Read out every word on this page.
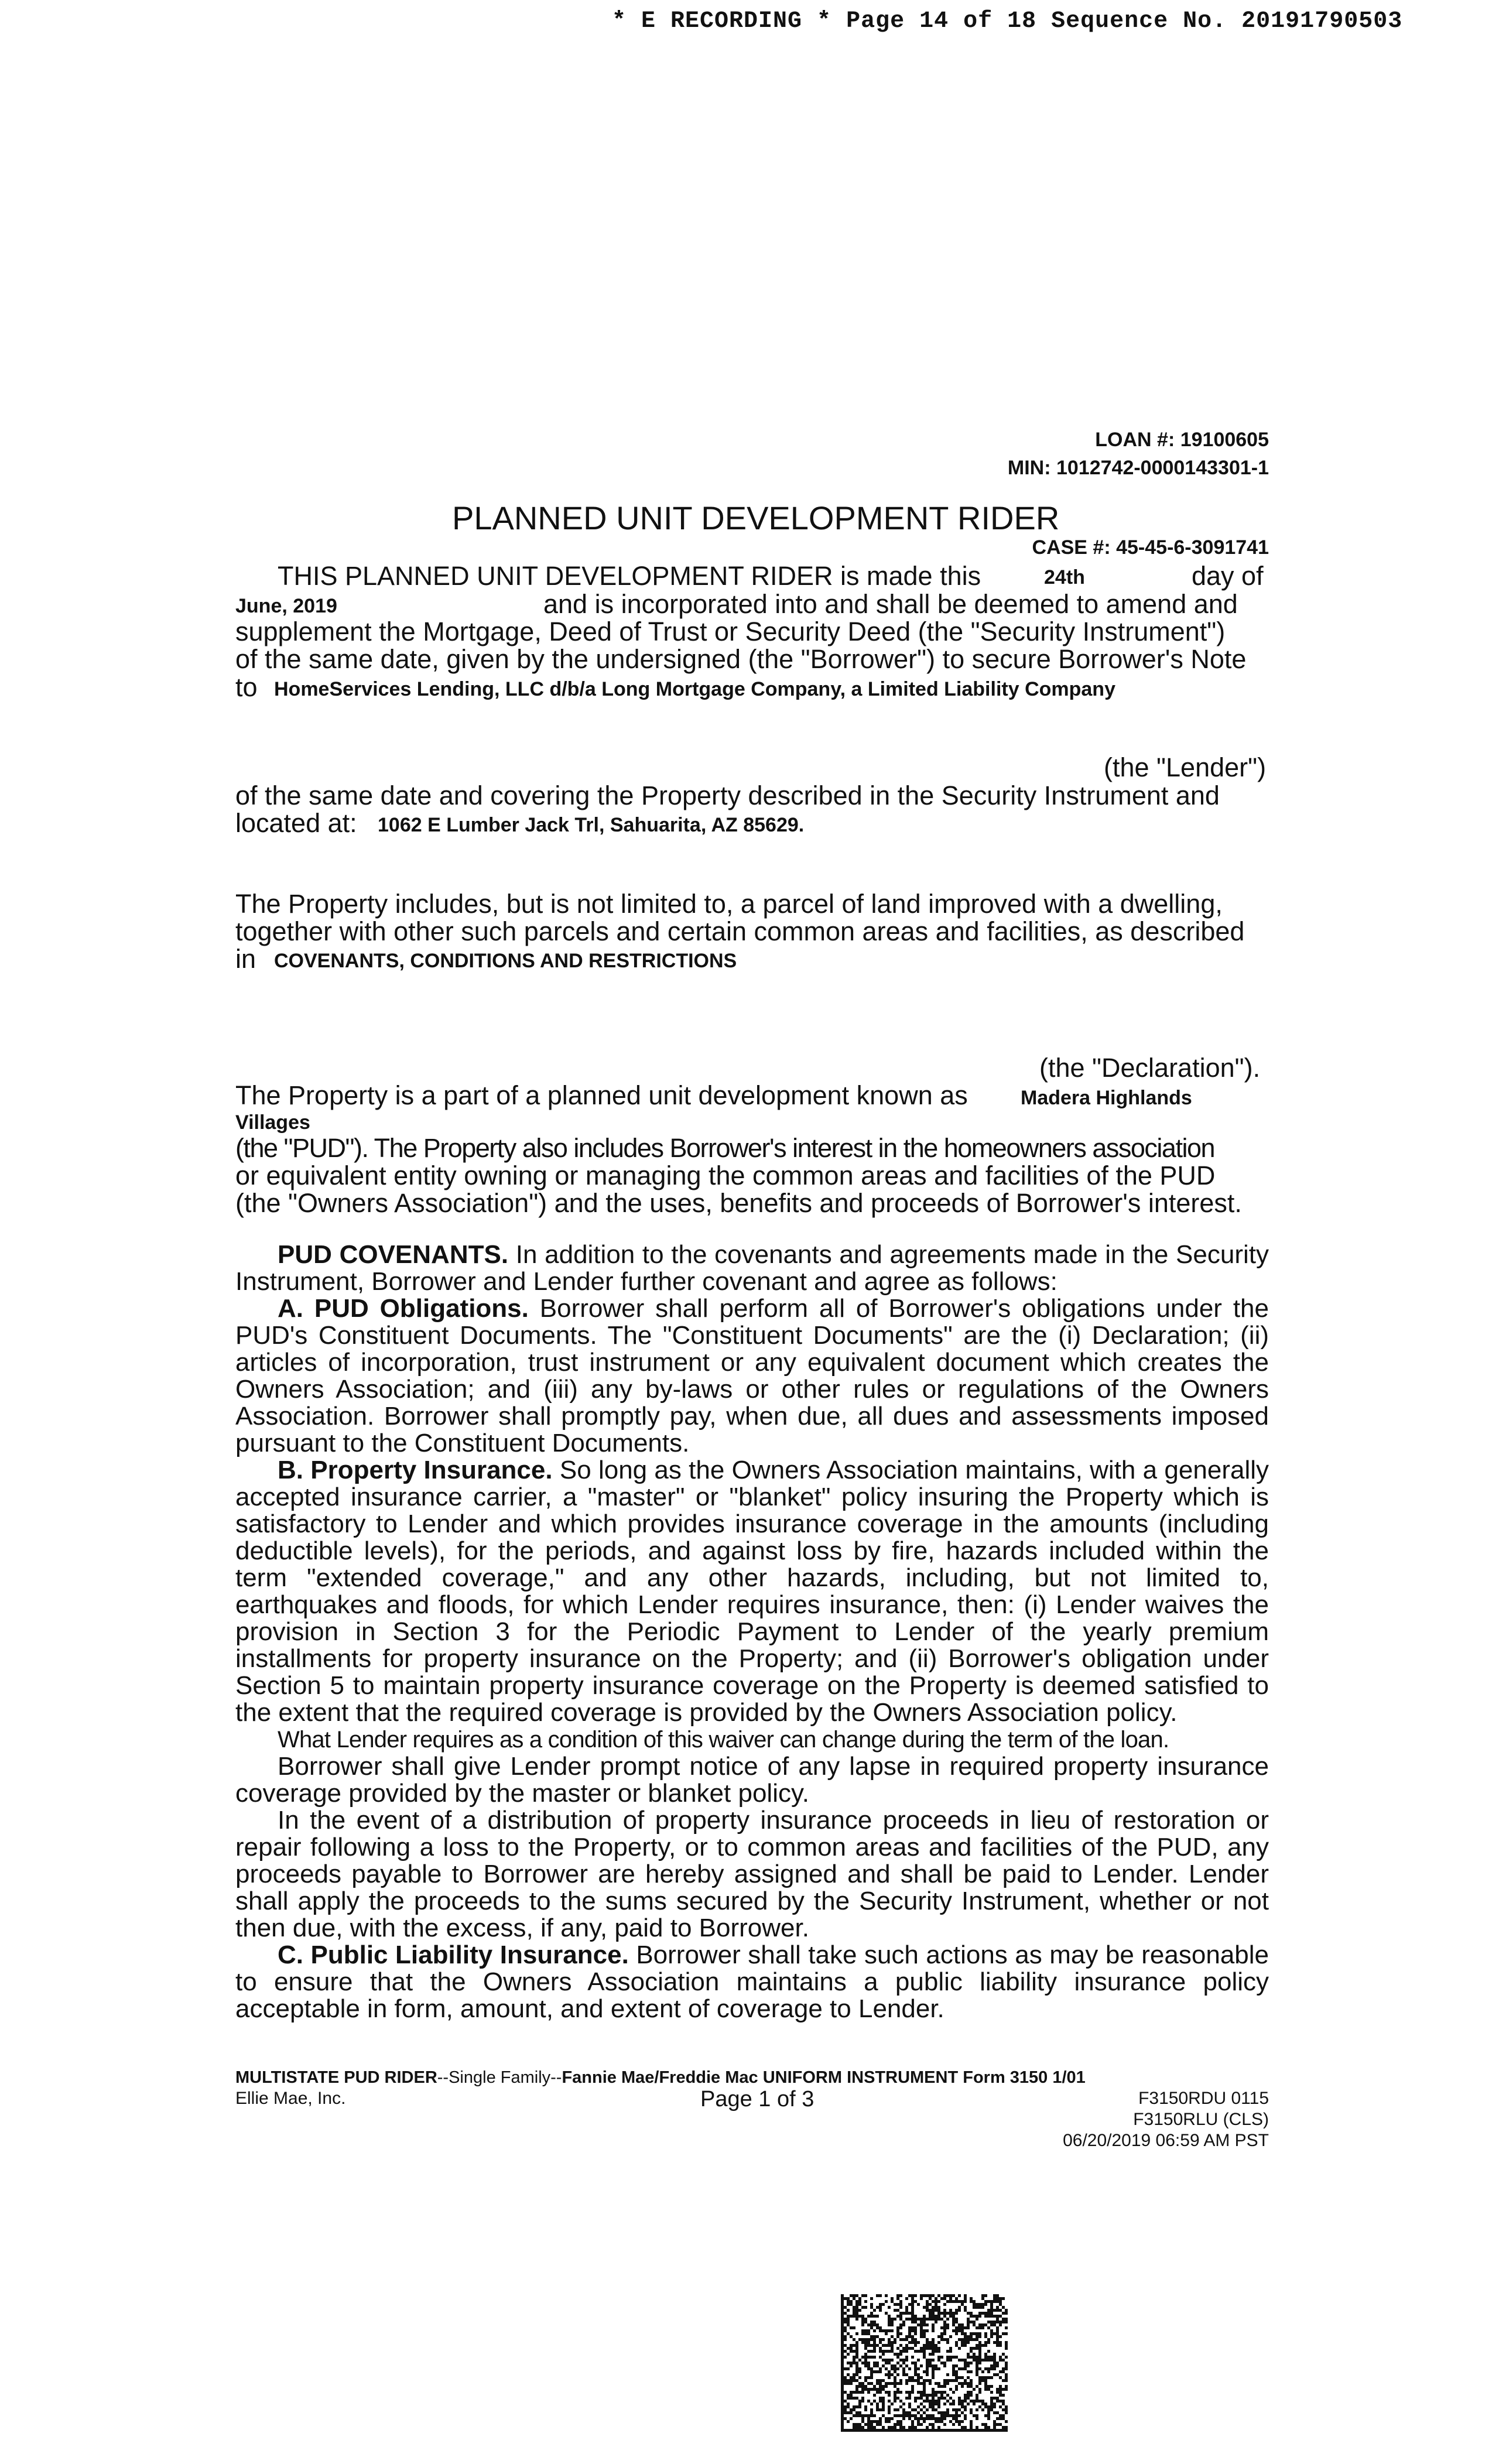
* E RECORDING * Page 14 of 18 Sequence No. 20191790503
LOAN #: 19100605
MIN: 1012742-0000143301-1
PLANNED UNIT DEVELOPMENT RIDER
CASE #: 45-45-6-3091741
THIS PLANNED UNIT DEVELOPMENT RIDER is made this	24th	day of
June, 2019	and is incorporated into and shall be deemed to amend and
supplement the Mortgage, Deed of Trust or Security Deed (the "Security Instrument")
of the same date, given by the undersigned (the "Borrower") to secure Borrower's Note
to HomeServices Lending, LLC d/b/a Long Mortgage Company, a Limited Liability Company
(the "Lender")
of the same date and covering the Property described in the Security Instrument and
located at: 1062 E Lumber Jack Trl, Sahuarita, AZ 85629.
The Property includes, but is not limited to, a parcel of land improved with a dwelling,
together with other such parcels and certain common areas and facilities, as described
in COVENANTS, CONDITIONS AND RESTRICTIONS
(the "Declaration").
The Property is a part of a planned unit development known as	Madera Highlands
Villages
(the "PUD"). The Property also includes Borrower's interest in the homeowners association
or equivalent entity owning or managing the common areas and facilities of the PUD
(the "Owners Association") and the uses, benefits and proceeds of Borrower's interest.

PUD COVENANTS. In addition to the covenants and agreements made in the Security Instrument, Borrower and Lender further covenant and agree as follows:

A. PUD Obligations. Borrower shall perform all of Borrower's obligations under the PUD's Constituent Documents. The "Constituent Documents" are the (i) Declaration; (ii) articles of incorporation, trust instrument or any equivalent document which creates the Owners Association; and (iii) any by-laws or other rules or regulations of the Owners Association. Borrower shall promptly pay, when due, all dues and assessments imposed pursuant to the Constituent Documents.

B. Property Insurance. So long as the Owners Association maintains, with a generally accepted insurance carrier, a "master" or "blanket" policy insuring the Property which is satisfactory to Lender and which provides insurance coverage in the amounts (including deductible levels), for the periods, and against loss by fire, hazards included within the term "extended coverage," and any other hazards, including, but not limited to, earthquakes and floods, for which Lender requires insurance, then: (i) Lender waives the provision in Section 3 for the Periodic Payment to Lender of the yearly premium installments for property insurance on the Property; and (ii) Borrower's obligation under Section 5 to maintain property insurance coverage on the Property is deemed satisfied to the extent that the required coverage is provided by the Owners Association policy.

What Lender requires as a condition of this waiver can change during the term of the loan.

Borrower shall give Lender prompt notice of any lapse in required property insurance coverage provided by the master or blanket policy.

In the event of a distribution of property insurance proceeds in lieu of restoration or repair following a loss to the Property, or to common areas and facilities of the PUD, any proceeds payable to Borrower are hereby assigned and shall be paid to Lender. Lender shall apply the proceeds to the sums secured by the Security Instrument, whether or not then due, with the excess, if any, paid to Borrower.

C. Public Liability Insurance. Borrower shall take such actions as may be reasonable to ensure that the Owners Association maintains a public liability insurance policy acceptable in form, amount, and extent of coverage to Lender.

MULTISTATE PUD RIDER--Single Family--Fannie Mae/Freddie Mac UNIFORM INSTRUMENT Form 3150 1/01
Ellie Mae, Inc.	Page 1 of 3	F3150RDU 0115
F3150RLU (CLS)
06/20/2019 06:59 AM PST
